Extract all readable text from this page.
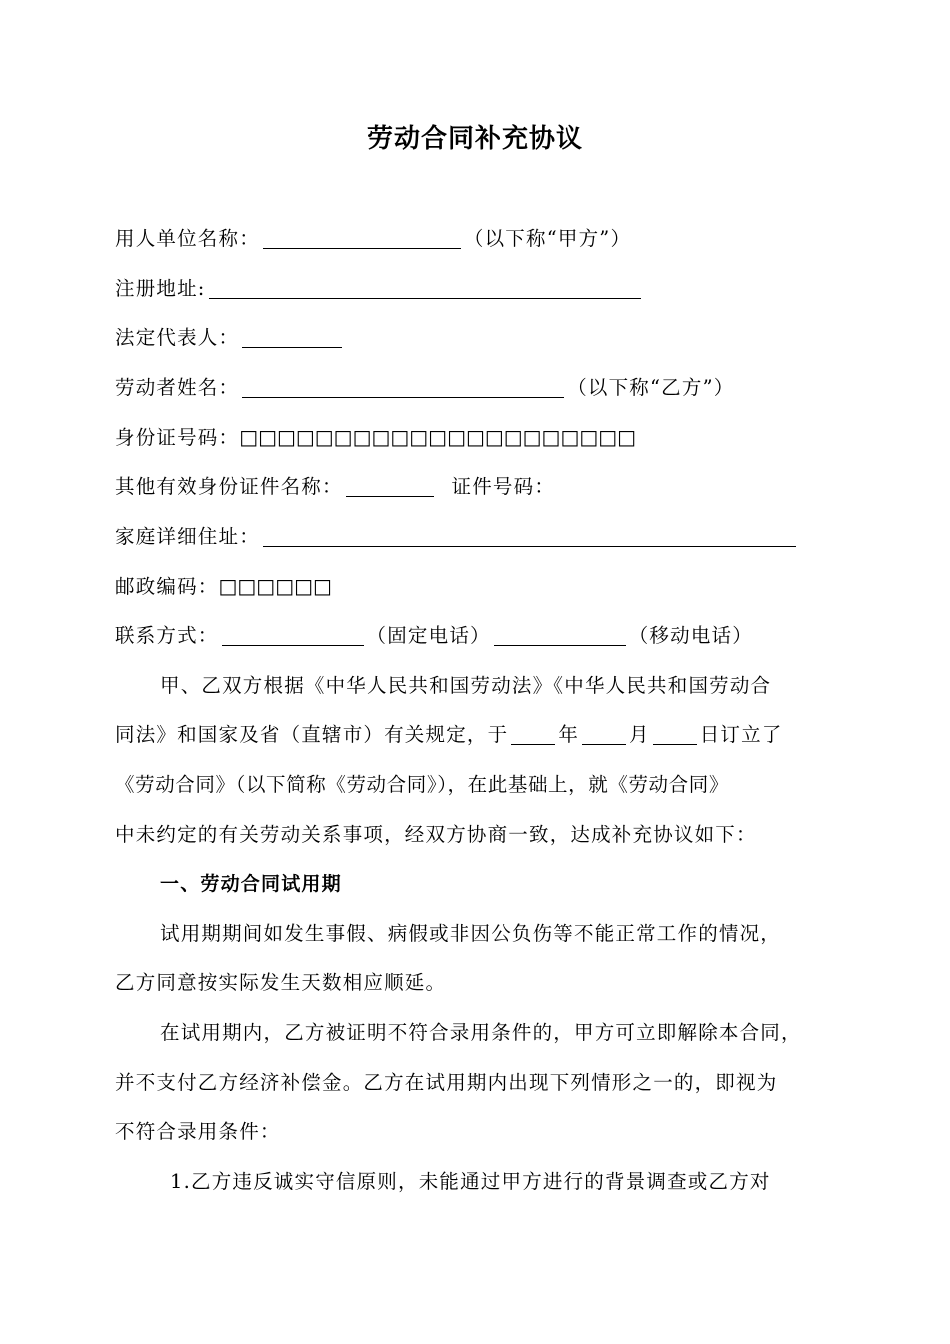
劳动合同补充协议
用人单位名称：	（以下称“甲方”）
注册地址:
法定代表人：
劳动者姓名：	（以下称“乙方”）
身份证号码：□□□□□□□□□□□□□□□□□□□□□
其他有效身份证件名称：	证件号码：
家庭详细住址：
邮政编码：□□□□□□
联系方式：	（固定电话）	（移动电话）
甲、乙双方根据《中华人民共和国劳动法》《中华人民共和国劳动合
同法》和国家及省（直辖市）有关规定，于	年	月	日订立了
《劳动合同》（以下简称《劳动合同》），在此基础上，就《劳动合同》
中未约定的有关劳动关系事项，经双方协商一致，达成补充协议如下：
一、劳动合同试用期
试用期期间如发生事假、病假或非因公负伤等不能正常工作的情况，
乙方同意按实际发生天数相应顺延。
在试用期内，乙方被证明不符合录用条件的，甲方可立即解除本合同，
并不支付乙方经济补偿金。乙方在试用期内出现下列情形之一的，即视为
不符合录用条件：
1.乙方违反诚实守信原则，未能通过甲方进行的背景调查或乙方对
